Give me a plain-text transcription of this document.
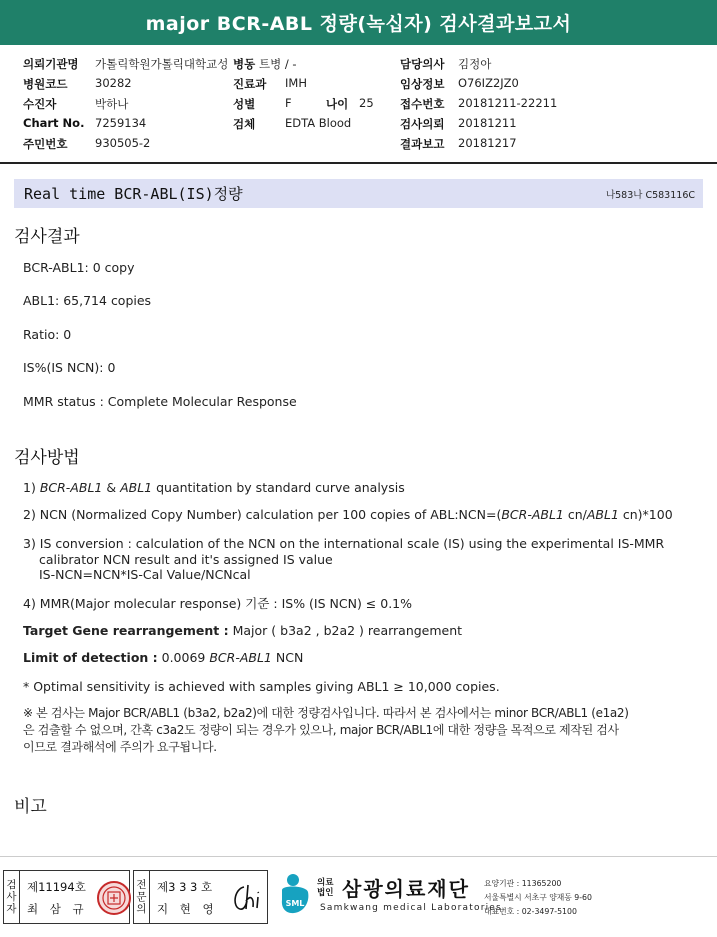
major BCR-ABL 정량(녹십자) 검사결과보고서
의뢰기관명 가톨릭학원가톨릭대학교성 병동 트병 / -	담당의사 김정아
병원코드 30282	진료과 IMH	임상정보 O76IZ2JZ0
수진자	박하나	성별	F	나이 25 접수번호 20181211-22211
Chart No. 7259134	검체	EDTA Blood	검사의뢰 20181211
주민번호 930505-2	결과보고 20181217
Real time BCR-ABL(IS)정량	나583나 C583116C
검사결과
BCR-ABL1: 0 copy
ABL1: 65,714 copies
Ratio: 0
IS%(IS NCN): 0
MMR status : Complete Molecular Response
검사방법
1) BCR-ABL1 & ABL1 quantitation by standard curve analysis
2) NCN (Normalized Copy Number) calculation per 100 copies of ABL:NCN=(BCR-ABL1 cn/ABL1 cn)*100
3) IS conversion : calculation of the NCN on the international scale (IS) using the experimental IS-MMR
calibrator NCN result and it's assigned IS value
IS-NCN=NCN*IS-Cal Value/NCNcal
4) MMR(Major molecular response) 기준 : IS% (IS NCN) ≤ 0.1%
Target Gene rearrangement : Major ( b3a2 , b2a2 ) rearrangement
Limit of detection : 0.0069 BCR-ABL1 NCN
* Optimal sensitivity is achieved with samples giving ABL1 ≥ 10,000 copies.
※ 본 검사는 Major BCR/ABL1 (b3a2, b2a2)에 대한 정량검사입니다. 따라서 본 검사에서는 minor BCR/ABL1 (e1a2)
은 검출할 수 없으며, 간혹 c3a2도 정량이 되는 경우가 있으나, major BCR/ABL1에 대한 정량을 목적으로 제작된 검사
이므로 결과해석에 주의가 요구됩니다.
비고
검
사
자
제11194호
최 삼 규
전
문
의
제3 3 3 호
지 현 영	SML
의료
법인 삼광의료재단
Samkwang medical Laboratories
요양기관 : 11365200
서울특별시 서초구 양재동 9-60
대표번호 : 02-3497-5100
